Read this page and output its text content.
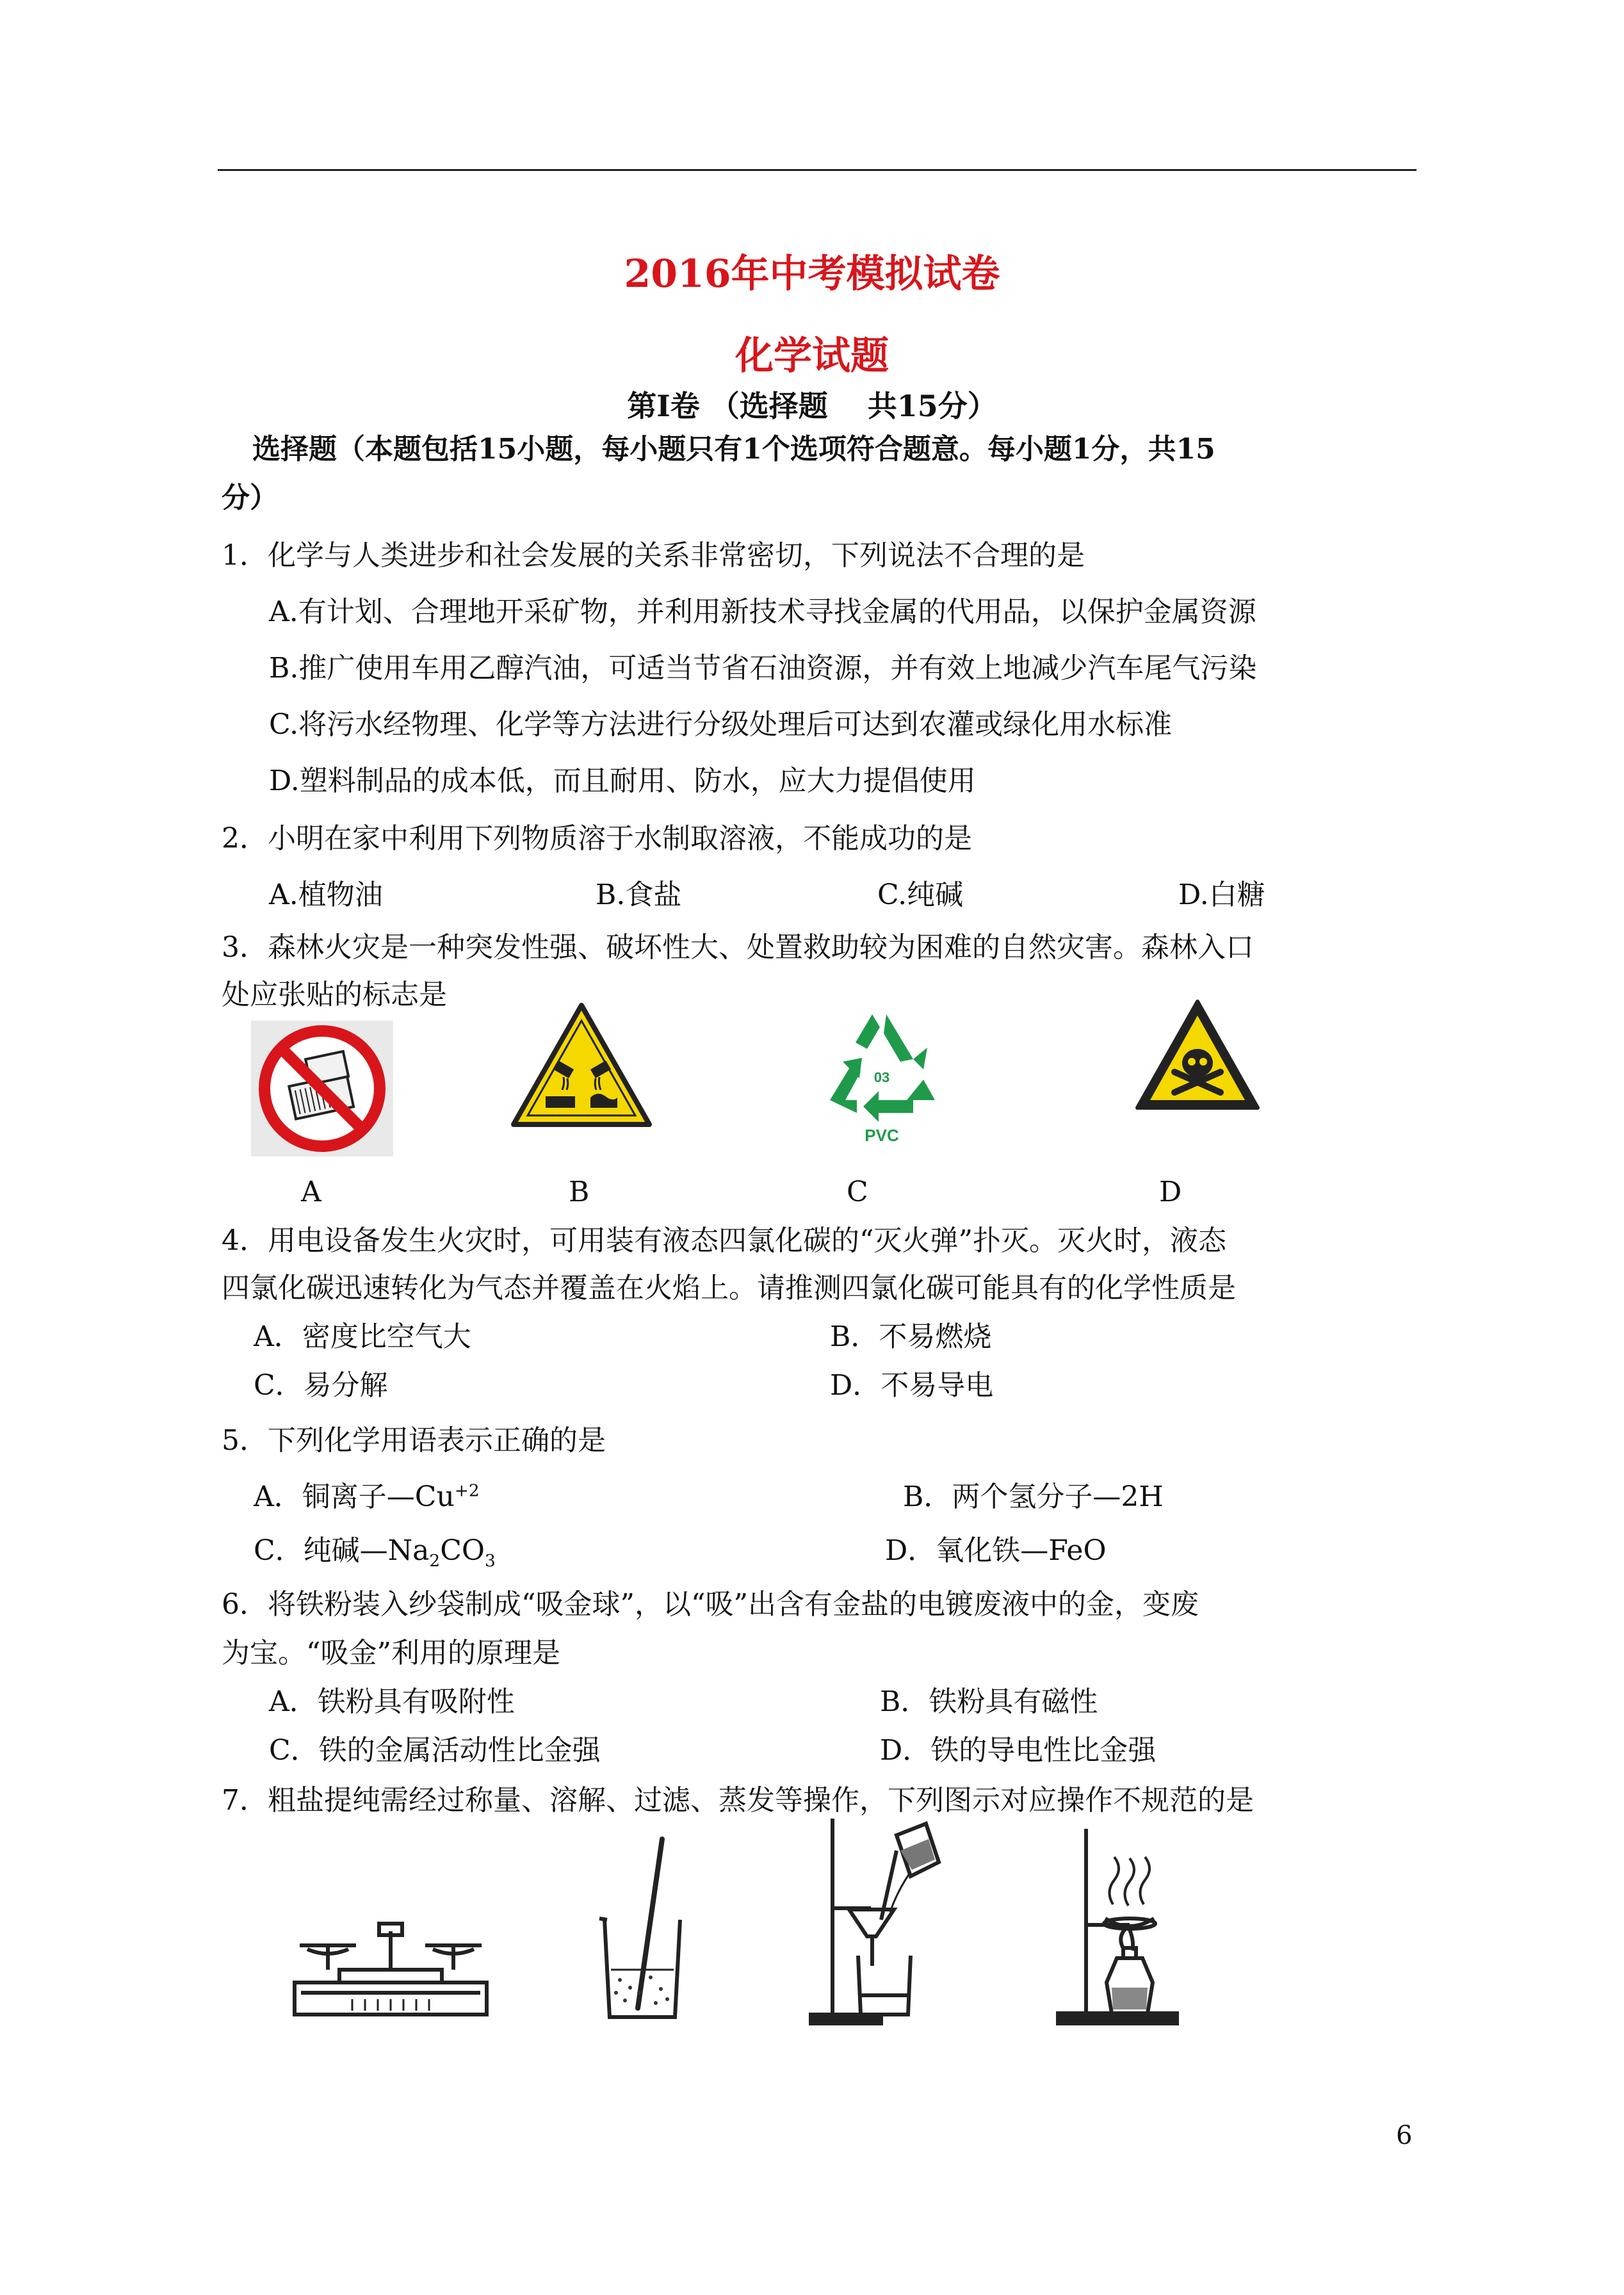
2016年中考模拟试卷
化学试题
第Ⅰ卷 （选择题　 共15分）
选择题（本题包括15小题，每小题只有1个选项符合题意。每小题1分，共15
分）
1．化学与人类进步和社会发展的关系非常密切，下列说法不合理的是
A.有计划、合理地开采矿物，并利用新技术寻找金属的代用品，以保护金属资源
B.推广使用车用乙醇汽油，可适当节省石油资源，并有效上地减少汽车尾气污染
C.将污水经物理、化学等方法进行分级处理后可达到农灌或绿化用水标准
D.塑料制品的成本低，而且耐用、防水，应大力提倡使用
2．小明在家中利用下列物质溶于水制取溶液，不能成功的是
A.植物油	B.食盐	C.纯碱	D.白糖
3．森林火灾是一种突发性强、破坏性大、处置救助较为困难的自然灾害。森林入口
处应张贴的标志是
03
PVC
A	B	C	D
4．用电设备发生火灾时，可用装有液态四氯化碳的“灭火弹”扑灭。灭火时，液态
四氯化碳迅速转化为气态并覆盖在火焰上。请推测四氯化碳可能具有的化学性质是
A．密度比空气大	B．不易燃烧
C．易分解	D．不易导电
5．下列化学用语表示正确的是
A．铜离子$—Cu^{+2}$	B．两个氢分子—2H
C．纯碱$—Na_2CO_3$	D．氧化铁—FeO
6．将铁粉装入纱袋制成“吸金球”，以“吸”出含有金盐的电镀废液中的金，变废
为宝。“吸金”利用的原理是
A．铁粉具有吸附性	B．铁粉具有磁性
C．铁的金属活动性比金强	D．铁的导电性比金强
7．粗盐提纯需经过称量、溶解、过滤、蒸发等操作，下列图示对应操作不规范的是
6
